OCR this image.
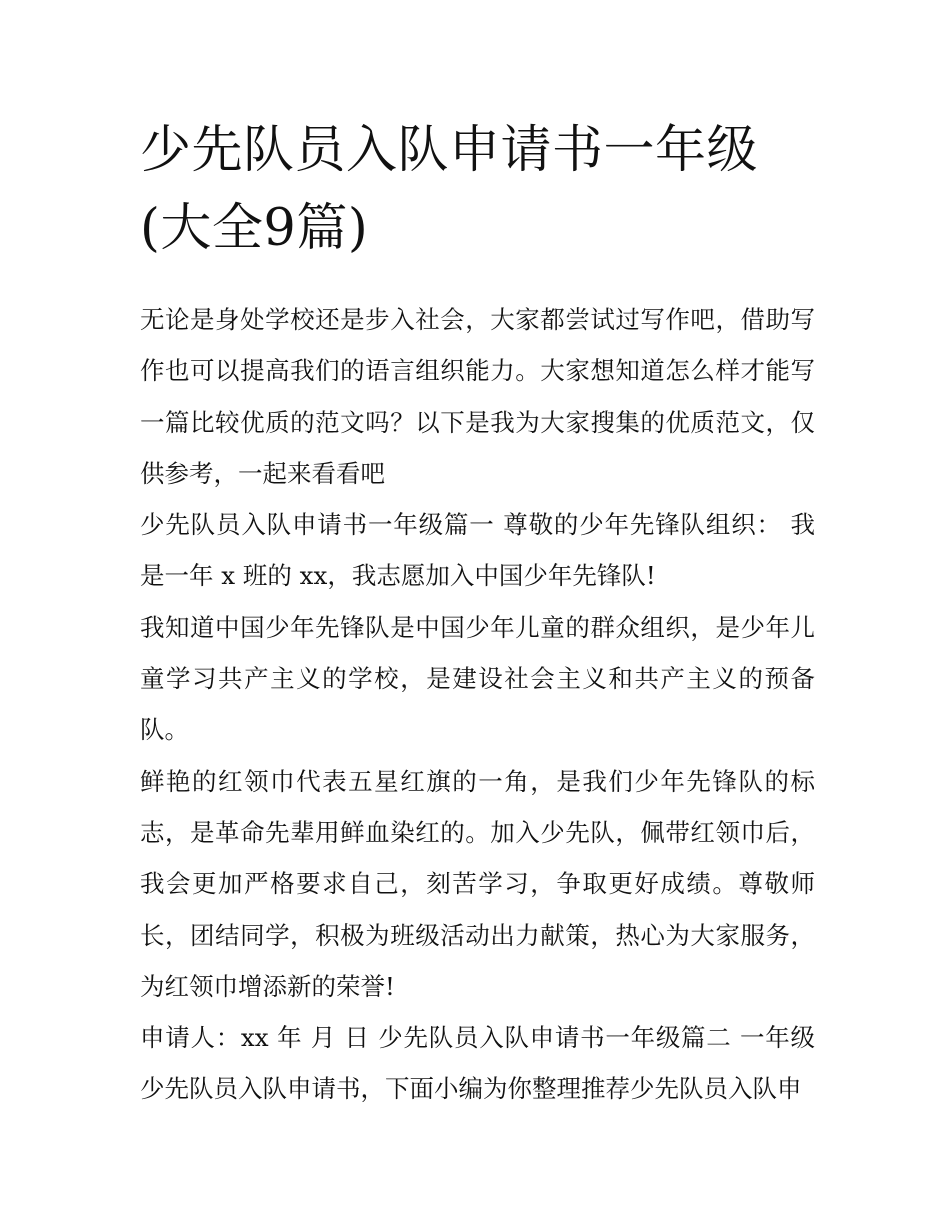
少先队员入队申请书一年级(大全9篇)

无论是身处学校还是步入社会，大家都尝试过写作吧，借助写作也可以提高我们的语言组织能力。大家想知道怎么样才能写一篇比较优质的范文吗？以下是我为大家搜集的优质范文，仅供参考，一起来看看吧

少先队员入队申请书一年级篇一 尊敬的少年先锋队组织： 我是一年 x 班的 xx，我志愿加入中国少年先锋队!

我知道中国少年先锋队是中国少年儿童的群众组织，是少年儿童学习共产主义的学校，是建设社会主义和共产主义的预备队。

鲜艳的红领巾代表五星红旗的一角，是我们少年先锋队的标志，是革命先辈用鲜血染红的。加入少先队，佩带红领巾后，我会更加严格要求自己，刻苦学习，争取更好成绩。尊敬师长，团结同学，积极为班级活动出力献策，热心为大家服务，为红领巾增添新的荣誉!

申请人：xx 年 月 日 少先队员入队申请书一年级篇二 一年级少先队员入队申请书，下面小编为你整理推荐少先队员入队申
